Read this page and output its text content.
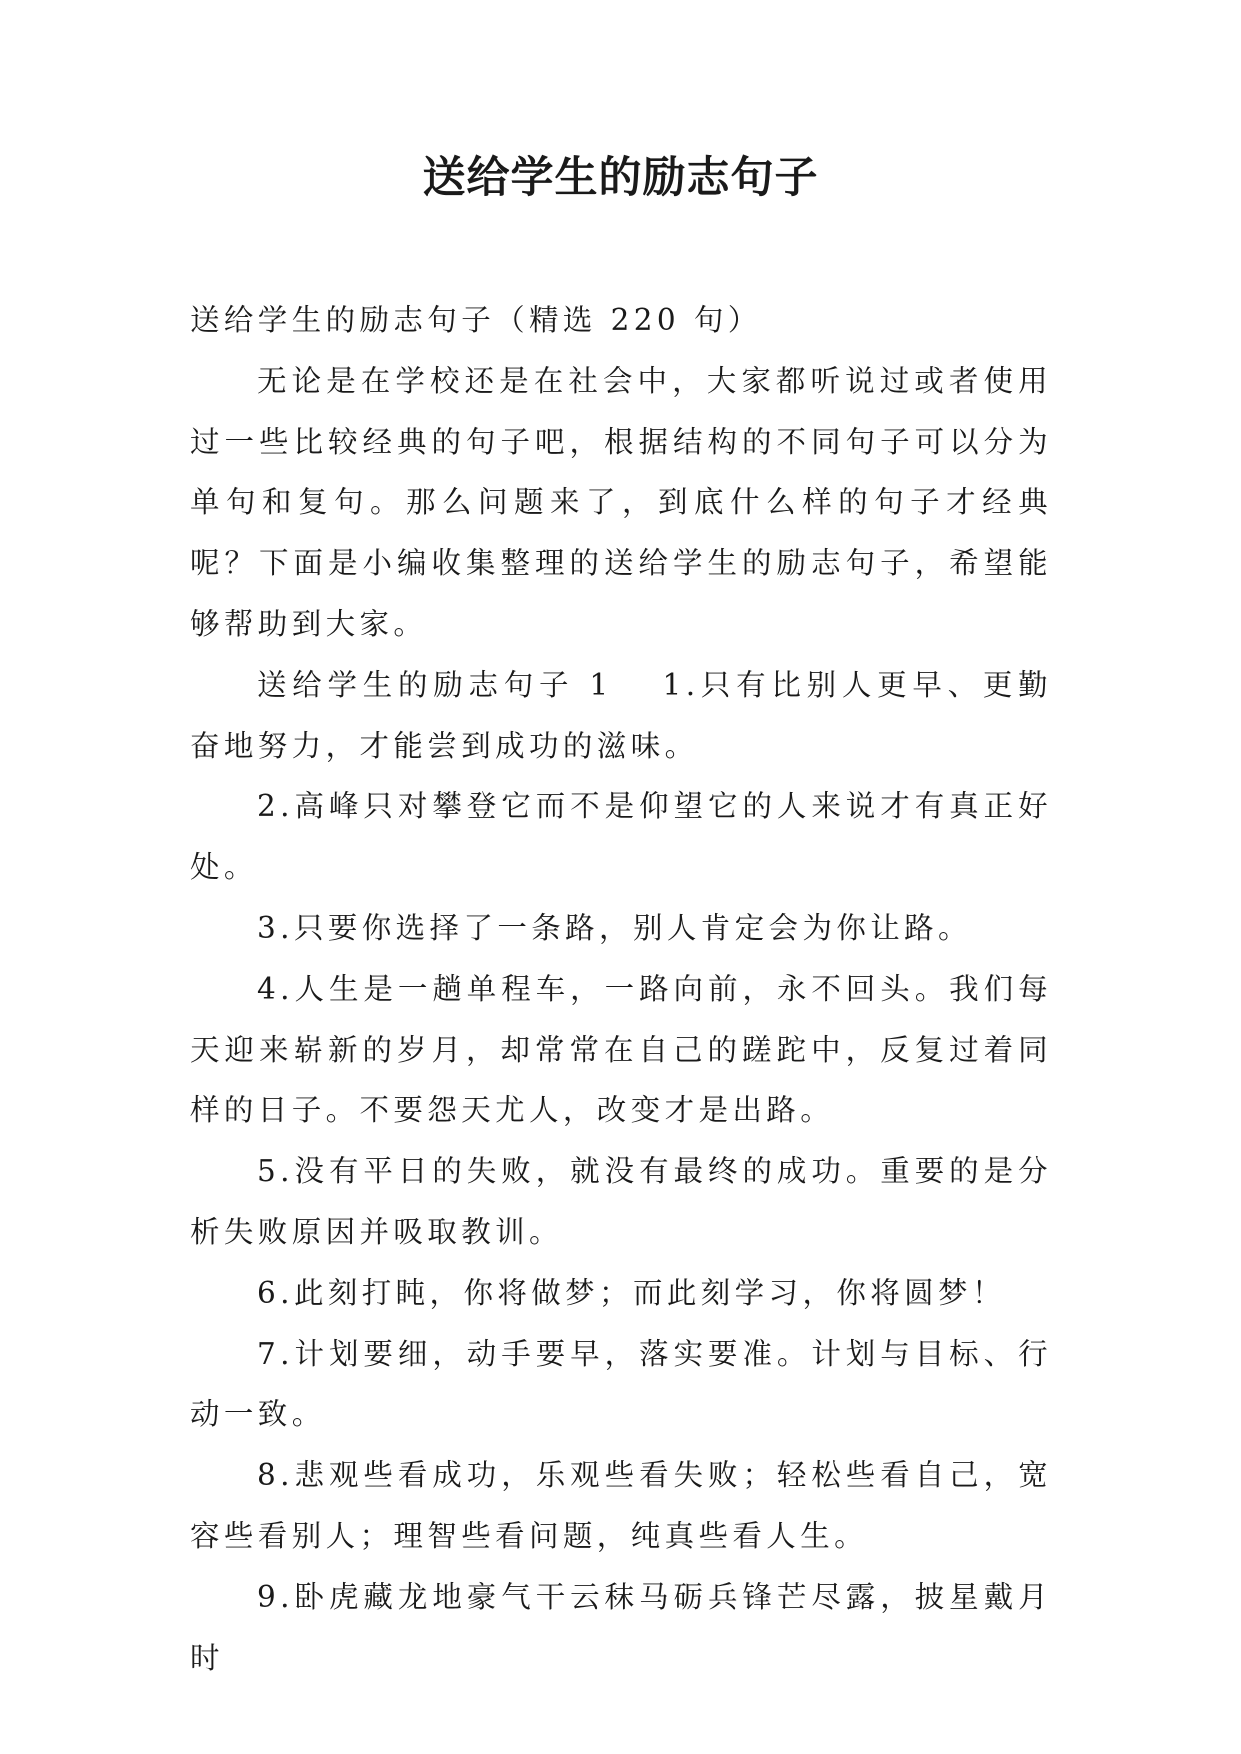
送给学生的励志句子

送给学生的励志句子（精选 220 句）

无论是在学校还是在社会中，大家都听说过或者使用过一些比较经典的句子吧，根据结构的不同句子可以分为单句和复句。那么问题来了，到底什么样的句子才经典呢？下面是小编收集整理的送给学生的励志句子，希望能够帮助到大家。

送给学生的励志句子 1 1.只有比别人更早、更勤奋地努力，才能尝到成功的滋味。

2.高峰只对攀登它而不是仰望它的人来说才有真正好处。

3.只要你选择了一条路，别人肯定会为你让路。

4.人生是一趟单程车，一路向前，永不回头。我们每天迎来崭新的岁月，却常常在自己的蹉跎中，反复过着同样的日子。不要怨天尤人，改变才是出路。

5.没有平日的失败，就没有最终的成功。重要的是分析失败原因并吸取教训。

6.此刻打盹，你将做梦；而此刻学习，你将圆梦！

7.计划要细，动手要早，落实要准。计划与目标、行动一致。

8.悲观些看成功，乐观些看失败；轻松些看自己，宽容些看别人；理智些看问题，纯真些看人生。

9.卧虎藏龙地豪气干云秣马砺兵锋芒尽露，披星戴月时
